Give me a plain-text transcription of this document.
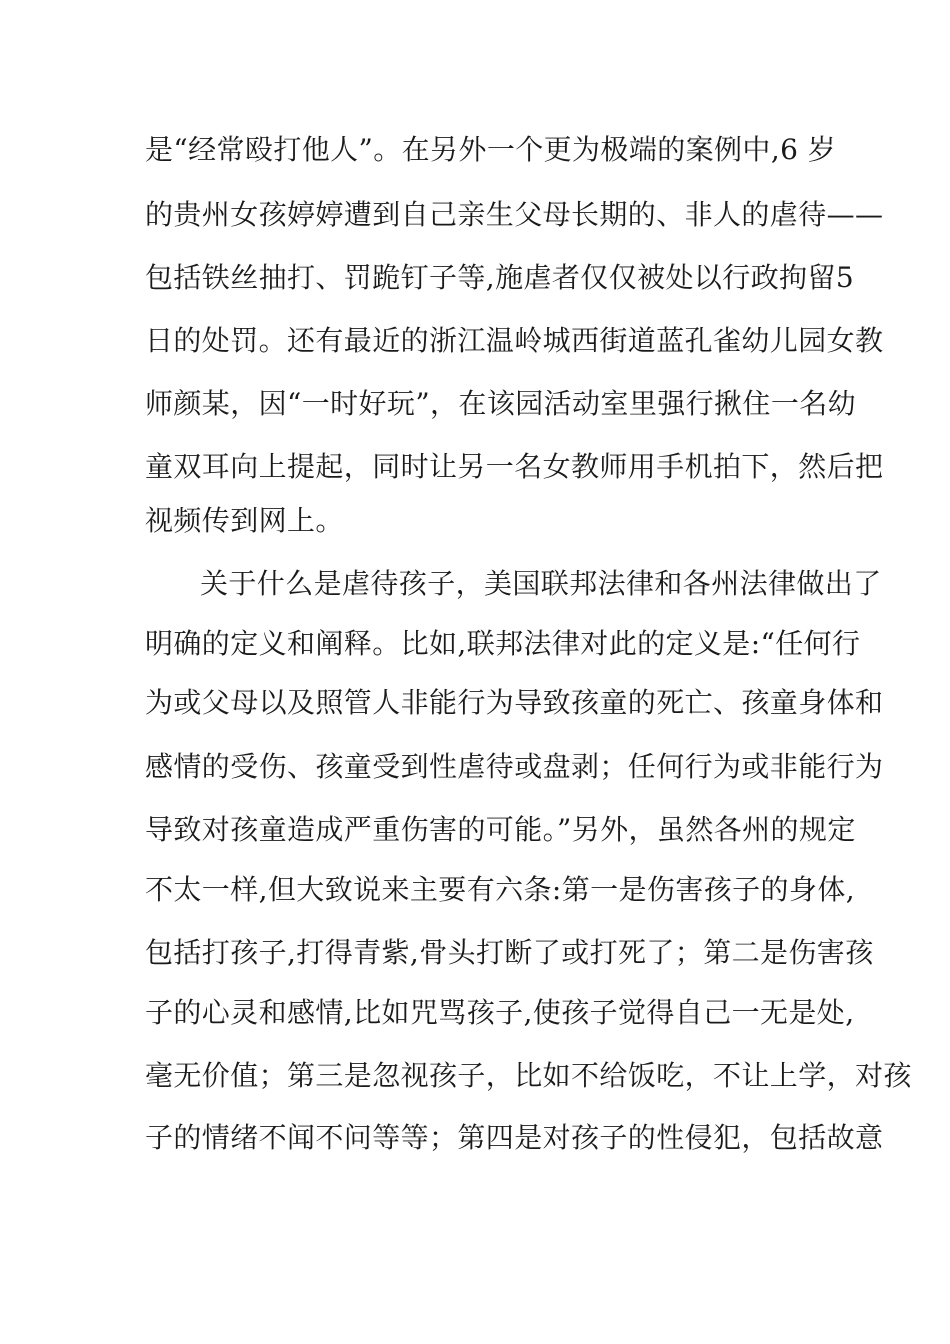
是“经常殴打他人”。在另外一个更为极端的案例中,6 岁
的贵州女孩婷婷遭到自己亲生父母长期的、非人的虐待——
包括铁丝抽打、罚跪钉子等,施虐者仅仅被处以行政拘留5
日的处罚。还有最近的浙江温岭城西街道蓝孔雀幼儿园女教
师颜某，因“一时好玩”，在该园活动室里强行揪住一名幼
童双耳向上提起，同时让另一名女教师用手机拍下，然后把
视频传到网上。
关于什么是虐待孩子，美国联邦法律和各州法律做出了
明确的定义和阐释。比如,联邦法律对此的定义是:“任何行
为或父母以及照管人非能行为导致孩童的死亡、孩童身体和
感情的受伤、孩童受到性虐待或盘剥；任何行为或非能行为
导致对孩童造成严重伤害的可能。”另外，虽然各州的规定
不太一样,但大致说来主要有六条:第一是伤害孩子的身体,
包括打孩子,打得青紫,骨头打断了或打死了；第二是伤害孩
子的心灵和感情,比如咒骂孩子,使孩子觉得自己一无是处,
毫无价值；第三是忽视孩子，比如不给饭吃，不让上学，对孩
子的情绪不闻不问等等；第四是对孩子的性侵犯，包括故意
